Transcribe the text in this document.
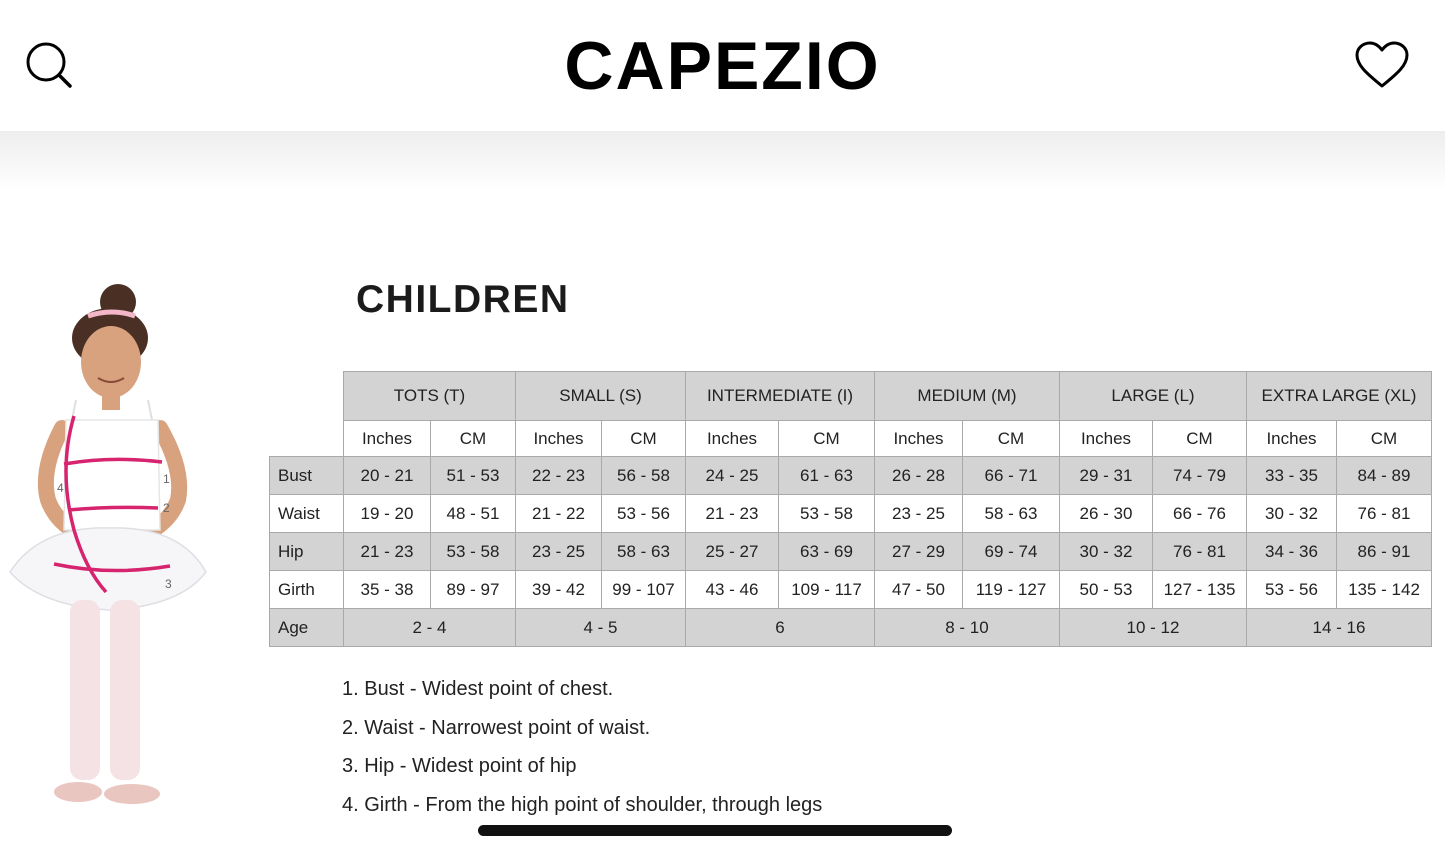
CAPEZIO
1
2
3
4
CHILDREN
	TOTS (T)		SMALL (S)		INTERMEDIATE (I)		MEDIUM (M)		LARGE (L)		EXTRA LARGE (XL)	
	Inches	CM	Inches	CM	Inches	CM	Inches	CM	Inches	CM	Inches	CM
Bust	20 - 21	51 - 53	22 - 23	56 - 58	24 - 25	61 - 63	26 - 28	66 - 71	29 - 31	74 - 79	33 - 35	84 - 89
Waist	19 - 20	48 - 51	21 - 22	53 - 56	21 - 23	53 - 58	23 - 25	58 - 63	26 - 30	66 - 76	30 - 32	76 - 81
Hip	21 - 23	53 - 58	23 - 25	58 - 63	25 - 27	63 - 69	27 - 29	69 - 74	30 - 32	76 - 81	34 - 36	86 - 91
Girth	35 - 38	89 - 97	39 - 42	99 - 107	43 - 46	109 - 117	47 - 50	119 - 127	50 - 53	127 - 135	53 - 56	135 - 142
Age	2 - 4		4 - 5		6		8 - 10		10 - 12		14 - 16	
1. Bust - Widest point of chest.
2. Waist - Narrowest point of waist.
3. Hip - Widest point of hip
4. Girth - From the high point of shoulder, through legs
